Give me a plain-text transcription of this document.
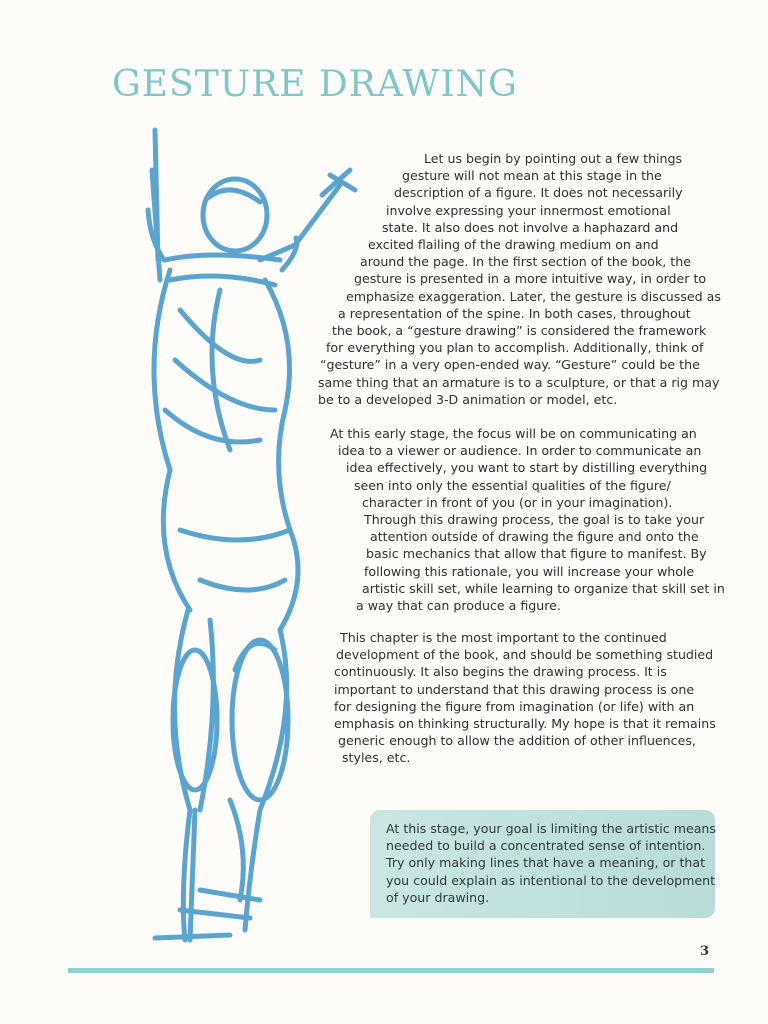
GESTURE DRAWING

Let us begin by pointing out a few things
gesture will not mean at this stage in the
description of a figure. It does not necessarily
involve expressing your innermost emotional
state. It also does not involve a haphazard and
excited flailing of the drawing medium on and
around the page. In the first section of the book, the
gesture is presented in a more intuitive way, in order to
emphasize exaggeration. Later, the gesture is discussed as
a representation of the spine. In both cases, throughout
the book, a “gesture drawing” is considered the framework
for everything you plan to accomplish. Additionally, think of
“gesture” in a very open-ended way. “Gesture” could be the
same thing that an armature is to a sculpture, or that a rig may
be to a developed 3-D animation or model, etc.

At this early stage, the focus will be on communicating an
idea to a viewer or audience. In order to communicate an
idea effectively, you want to start by distilling everything
seen into only the essential qualities of the figure/
character in front of you (or in your imagination).
Through this drawing process, the goal is to take your
attention outside of drawing the figure and onto the
basic mechanics that allow that figure to manifest. By
following this rationale, you will increase your whole
artistic skill set, while learning to organize that skill set in
a way that can produce a figure.

This chapter is the most important to the continued
development of the book, and should be something studied
continuously. It also begins the drawing process. It is
important to understand that this drawing process is one
for designing the figure from imagination (or life) with an
emphasis on thinking structurally. My hope is that it remains
generic enough to allow the addition of other influences,
styles, etc.

At this stage, your goal is limiting the artistic means
needed to build a concentrated sense of intention.
Try only making lines that have a meaning, or that
you could explain as intentional to the development
of your drawing.
3
